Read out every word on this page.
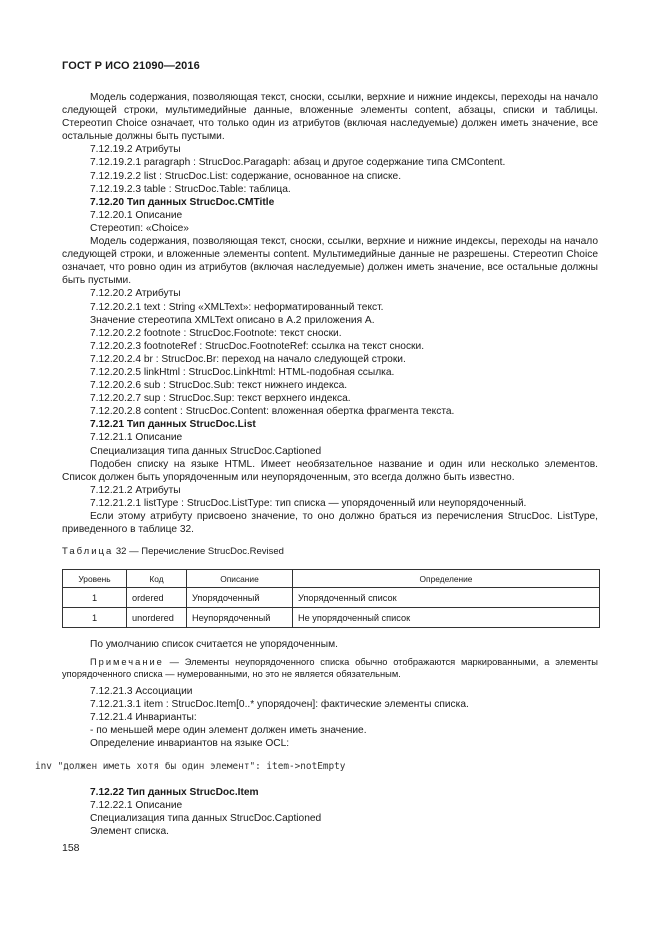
ГОСТ Р ИСО 21090—2016

Модель содержания, позволяющая текст, сноски, ссылки, верхние и нижние индексы, переходы на начало следующей строки, мультимедийные данные, вложенные элементы content, абзацы, списки и таблицы. Стереотип Choice означает, что только один из атрибутов (включая наследуемые) должен иметь значение, все остальные должны быть пустыми.

7.12.19.2 Атрибуты

7.12.19.2.1 paragraph : StrucDoc.Paragaph: абзац и другое содержание типа CMContent.

7.12.19.2.2 list : StrucDoc.List: содержание, основанное на списке.

7.12.19.2.3 table : StrucDoc.Table: таблица.

7.12.20 Тип данных StrucDoc.CMTitle

7.12.20.1 Описание

Стереотип: «Choice»

Модель содержания, позволяющая текст, сноски, ссылки, верхние и нижние индексы, переходы на начало следующей строки, и вложенные элементы content. Мультимедийные данные не разрешены. Стереотип Choice означает, что ровно один из атрибутов (включая наследуемые) должен иметь значение, все остальные должны быть пустыми.

7.12.20.2 Атрибуты

7.12.20.2.1 text : String «XMLText»: неформатированный текст.

Значение стереотипа XMLText описано в А.2 приложения А.

7.12.20.2.2 footnote : StrucDoc.Footnote: текст сноски.

7.12.20.2.3 footnoteRef : StrucDoc.FootnoteRef: ссылка на текст сноски.

7.12.20.2.4 br : StrucDoc.Br: переход на начало следующей строки.

7.12.20.2.5 linkHtml : StrucDoc.LinkHtml: HTML-подобная ссылка.

7.12.20.2.6 sub : StrucDoc.Sub: текст нижнего индекса.

7.12.20.2.7 sup : StrucDoc.Sup: текст верхнего индекса.

7.12.20.2.8 content : StrucDoc.Content: вложенная обертка фрагмента текста.

7.12.21 Тип данных StrucDoc.List

7.12.21.1 Описание

Специализация типа данных StrucDoc.Captioned

Подобен списку на языке HTML. Имеет необязательное название и один или несколько элементов. Список должен быть упорядоченным или неупорядоченным, это всегда должно быть известно.

7.12.21.2 Атрибуты

7.12.21.2.1 listType : StrucDoc.ListType: тип списка — упорядоченный или неупорядоченный.

Если этому атрибуту присвоено значение, то оно должно браться из перечисления StrucDoc. ListType, приведенного в таблице 32.

Таблица 32 — Перечисление StrucDoc.Revised
Уровень	Код	Описание	Определение
1	ordered	Упорядоченный	Упорядоченный список
1	unordered	Неупорядоченный	Не упорядоченный список

По умолчанию список считается не упорядоченным.

Примечание — Элементы неупорядоченного списка обычно отображаются маркированными, а элементы упорядоченного списка — нумерованными, но это не является обязательным.

7.12.21.3 Ассоциации

7.12.21.3.1 item : StrucDoc.Item[0..* упорядочен]: фактические элементы списка.

7.12.21.4 Инварианты:

- по меньшей мере один элемент должен иметь значение.

Определение инвариантов на языке OCL:

inv "должен иметь хотя бы один элемент": item->notEmpty

7.12.22 Тип данных StrucDoc.Item

7.12.22.1 Описание

Специализация типа данных StrucDoc.Captioned

Элемент списка.

158
